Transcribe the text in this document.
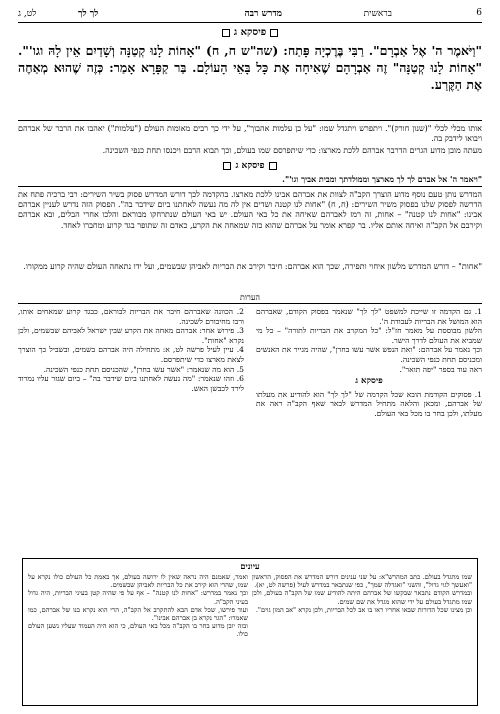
6
בראשית
מדרש רבה
לך לך
לט, ג
פיסקא ג
"וַיֹּאמֶר ה' אֶל אַבְרָם". רַבִּי בֶּרֶכְיָה פָּתַח: (שה"ש ח, ח) "אָחוֹת לָנוּ קְטַנָּה וְשָׁדַיִם אֵין לָהּ וגו'". "אָחוֹת לָנוּ קְטַנָּה" זֶה אַבְרָהָם שֶׁאִיחָה אֶת כָּל בָּאֵי הָעוֹלָם. בַּר קַפָּרָא אָמַר: כְּזֶה שֶׁהוּא מְאַחֶה אֶת הַקֶּרַע.
אותו מכלי לכלי "(שנון חורק)". ויתפרש ויתגדל שמו: "על כן עלמות אהבוך", על ידי כך רבים מאומות העולם ("עלמות") יאהבו את הרבר של אברהם ויבואו לידבק בה.
מעתה מובן מדוע הגרים הדרבר אברהם ללכת מארצו: כדי שיתפרסם שמו בעולם, וכך תבוא הרבם ויכנסו תחת כנפי השכינה.
פיסקא ג
"ויאמר ה' אל אברם לך לך מארצך וממולדתך ומבית אביך וגו'".
המדרש נותן טעם נוסף מדוע הוצרך הקב"ה לצוות את אברהם אבינו ללכת מארצו. בהקדמה לכך דורש המדרש פסוק בשיר השירים: רבי ברכיה פתח את הדרשה לפסוק שלנו בפסוק משיר השירים: (ח, ח) "אחות לנו קטנה ושדים אין לה מה נעשה לאחתנו ביום שידבר בה". הפסוק הזה נדרש לעניין אברהם אבינו: "אחות לנו קטנה" – אחות, זה רמז לאברהם שאיחה את כל באי העולם. יש באי העולם שנתרחקו מבוראם והלכו אחרי הבלים, ובא אברהם וקירבם אל הקב"ה ואיחה אותם אליו. בר קפרא אומר על אברהם שהוא כזה שמאחה את הקרע, כאדם זה שתופר בגד קרוע ומחברו לאחד.
"אחות" – דורש המדרש מלשון איחוי ותפירה, שכך הוא אברהם: חיבר וקירב את הבריות לאביהן שבשמים, ועל ידו נתאחה העולם שהיה קרוע ממקורו.
הערות
1. גם הקדמה זו שייכת למשפט "לך לך" שנאמר בפסוק הקודם, שאברהם הוא המושל את הבריות לעבודת ה'.
הלשון מבוססת על מאמר חז"ל: "כל המקרב את הבריות לתורה" – כל מי שמביא את העולם לדרך הישר.
וכך נאמר על אברהם: "ואת הנפש אשר עשו בחרן", שהיה מגייר את האנשים ומכניסם תחת כנפי השכינה.
ראה עוד בספר "יפה תואר".
פיסקא ג
1. פסוקים הקודמת הובא שכל הקדמה של "לך לך" הוא להודיע את מעלתו של אברהם, ומכאן והלאה מתחיל המדרש לבאר שאף הקב"ה ראה את מעלתו, ולכן בחר בו מכל באי העולם.
2. הכוונה שאברהם חיבר את הבריות לבוראם, כבגד קרוע שמאחים אותו, ורבו מחיבורם לשכינה.
3. פירוש אחר: אברהם מאחה את הקרע שבין ישראל לאביהם שבשמים, ולכן נקרא "אחות".
4. עיין לעיל פרשה לט, א: מתחילה היה אברהם בשמים, ובשביל כך הוצרך לצאת מארצו כדי שיתפרסם.
5. הוא מה שנאמר: "אשר עשו בחרן", שהכניסם תחת כנפי השכינה.
6. וזהו שנאמר: "מה נעשה לאחתנו ביום שידבר בה" – ביום שגזר עליו נמרוד לירד לכבשן האש.
עיונים
שמו מתגדל בעולם. כתב המהרש"א: על שני ענינים דורש המדרש את הפסוק, הראשון "ואעשך לגוי גדול", והשני "ואגדלה שמך", כפי שנתבאר במדרש לעיל (פרשה לט, יא).
ובמדרש הקודם נתבאר שבקשו של אברהם היתה להודיע שמו של הקב"ה בעולם, ולכן שמו מתגדל בעולם על ידי שהוא מגדל את שם שמים.
וכן מצינו שכל הדורות שבאו אחריו ראו בו אב לכל הבריות, ולכן נקרא "אב המון גוים".
ואמר, שאמנם היה נראה שאין לו ירושה בעולם, אך באמת כל העולם כולו נקרא על שמו, שהרי הוא קירב את כל הבריות לאביהן שבשמים.
וכך נאמר במדרש: "אחות לנו קטנה" – אף על פי שהיה קטן בעיני הבריות, היה גדול בעיני הקב"ה.
ועוד פירשו, שכל אדם הבא להתקרב אל הקב"ה, הרי הוא נקרא בנו של אברהם, כמו שאמרו: "הגר נקרא בן אברהם אבינו".
ובזה יובן מדוע בחר בו הקב"ה מכל באי העולם, כי הוא היה העמוד שעליו נשען העולם כולו.
